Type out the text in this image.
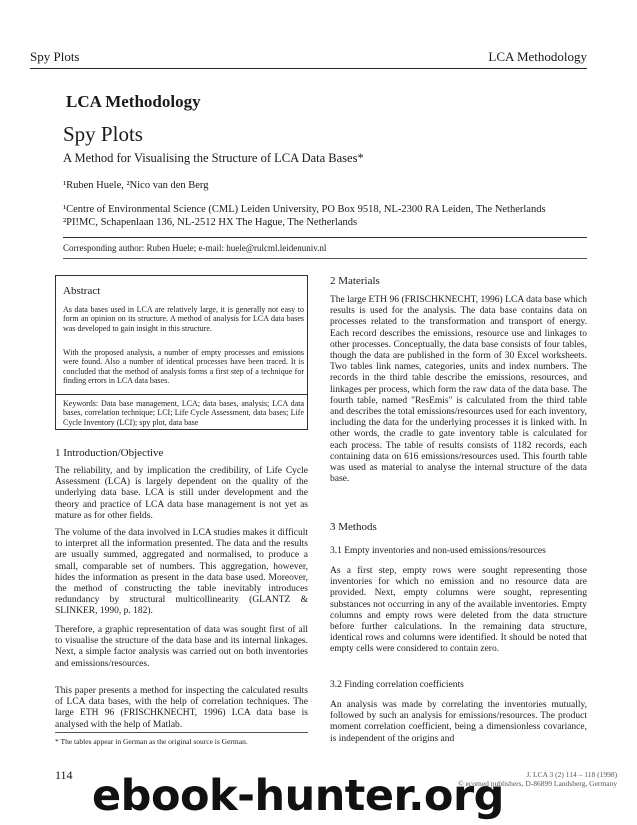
Spy Plots	LCA Methodology
LCA Methodology
Spy Plots
A Method for Visualising the Structure of LCA Data Bases*
¹Ruben Huele, ²Nico van den Berg
¹Centre of Environmental Science (CML) Leiden University, PO Box 9518, NL-2300 RA Leiden, The Netherlands
²PI!MC, Schapenlaan 136, NL-2512 HX The Hague, The Netherlands
Corresponding author: Ruben Huele; e-mail: huele@rulcml.leidenuniv.nl
Abstract
As data bases used in LCA are relatively large, it is generally not easy to form an opinion on its structure. A method of analysis for LCA data bases was developed to gain insight in this structure.
With the proposed analysis, a number of empty processes and emissions were found. Also a number of identical processes have been traced. It is concluded that the method of analysis forms a first step of a technique for finding errors in LCA data bases.
Keywords: Data base management, LCA; data bases, analysis; LCA data bases, correlation technique; LCI; Life Cycle Assessment, data bases; Life Cycle Inventory (LCI); spy plot, data base
1 Introduction/Objective
The reliability, and by implication the credibility, of Life Cycle Assessment (LCA) is largely dependent on the quality of the underlying data base. LCA is still under development and the theory and practice of LCA data base management is not yet as mature as for other fields.
The volume of the data involved in LCA studies makes it difficult to interpret all the information presented. The data and the results are usually summed, aggregated and normalised, to produce a small, comparable set of numbers. This aggregation, however, hides the information as present in the data base used. Moreover, the method of constructing the table inevitably introduces redundancy by structural multicollinearity (GLANTZ & SLINKER, 1990, p. 182).
Therefore, a graphic representation of data was sought first of all to visualise the structure of the data base and its internal linkages. Next, a simple factor analysis was carried out on both inventories and emissions/resources.
This paper presents a method for inspecting the calculated results of LCA data bases, with the help of correlation techniques. The large ETH 96 (FRISCHKNECHT, 1996) LCA data base is analysed with the help of Matlab.
* The tables appear in German as the original source is German.
114
2 Materials
The large ETH 96 (FRISCHKNECHT, 1996) LCA data base which results is used for the analysis. The data base contains data on processes related to the transformation and transport of energy. Each record describes the emissions, resource use and linkages to other processes. Conceptually, the data base consists of four tables, though the data are published in the form of 30 Excel worksheets. Two tables link names, categories, units and index numbers. The records in the third table describe the emissions, resources, and linkages per process, which form the raw data of the data base. The fourth table, named "ResEmis" is calculated from the third table and describes the total emissions/resources used for each inventory, including the data for the underlying processes it is linked with. In other words, the cradle to gate inventory table is calculated for each process. The table of results consists of 1182 records, each containing data on 616 emissions/resources used. This fourth table was used as material to analyse the internal structure of the data base.
3 Methods
3.1 Empty inventories and non-used emissions/resources
As a first step, empty rows were sought representing those inventories for which no emission and no resource data are provided. Next, empty columns were sought, representing substances not occurring in any of the available inventories. Empty columns and empty rows were deleted from the data structure before further calculations. In the remaining data structure, identical rows and columns were identified. It should be noted that empty cells were considered to contain zero.
3.2 Finding correlation coefficients
An analysis was made by correlating the inventories mutually, followed by such an analysis for emissions/resources. The product moment correlation coefficient, being a dimensionless covariance, is independent of the origins and
J. LCA 3 (2) 114 – 118 (1998)
© ecomed publishers, D-86899 Landsberg, Germany
ebook-hunter.org
